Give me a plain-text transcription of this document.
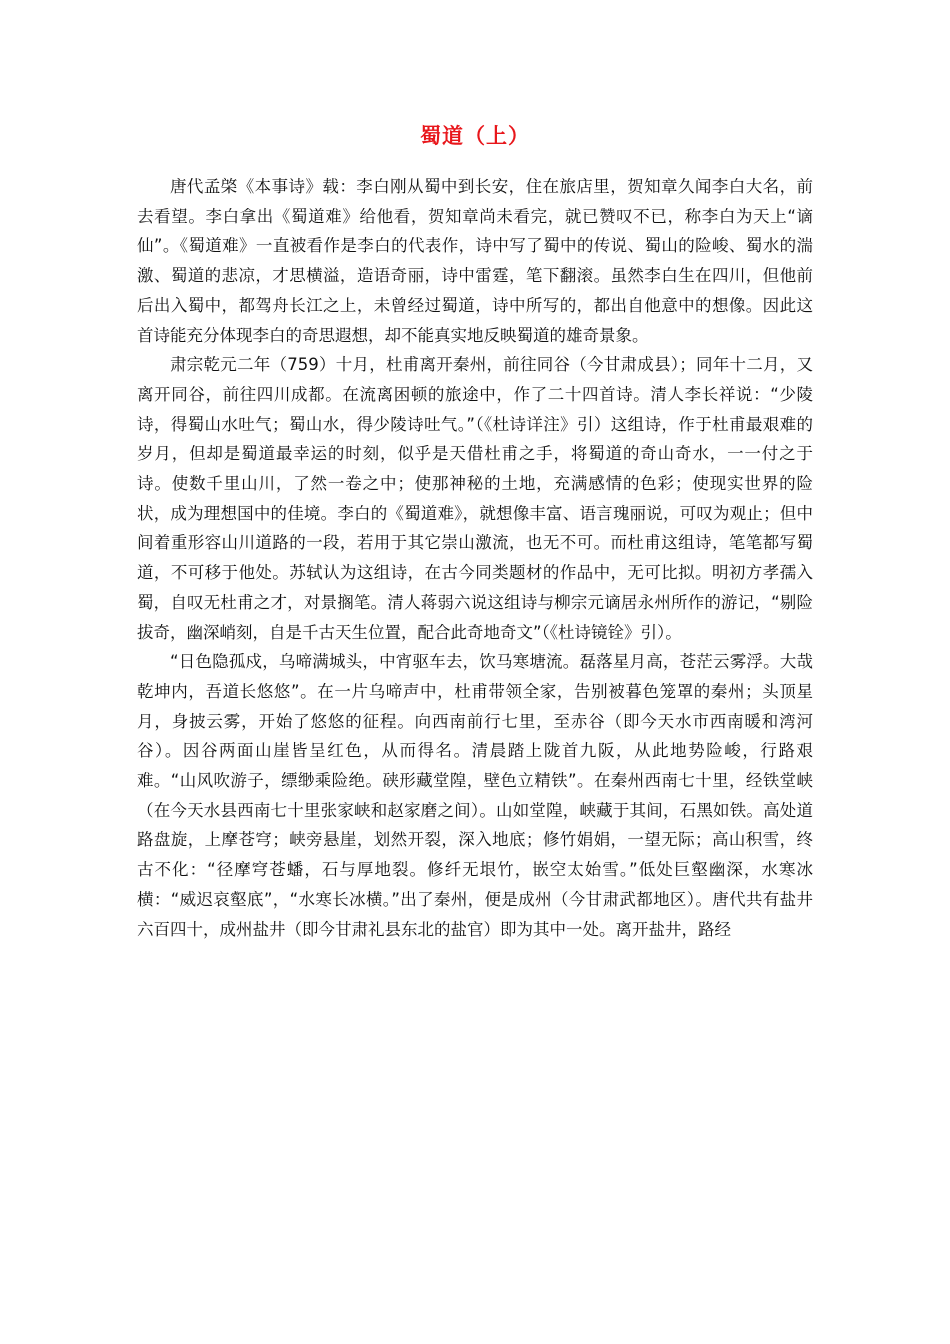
蜀道（上）

唐代孟棨《本事诗》载：李白刚从蜀中到长安，住在旅店里，贺知章久闻李白大名，前去看望。李白拿出《蜀道难》给他看，贺知章尚未看完，就已赞叹不已，称李白为天上“谪仙”。《蜀道难》一直被看作是李白的代表作，诗中写了蜀中的传说、蜀山的险峻、蜀水的湍激、蜀道的悲凉，才思横溢，造语奇丽，诗中雷霆，笔下翻滚。虽然李白生在四川，但他前后出入蜀中，都驾舟长江之上，未曾经过蜀道，诗中所写的，都出自他意中的想像。因此这首诗能充分体现李白的奇思遐想，却不能真实地反映蜀道的雄奇景象。

肃宗乾元二年（759）十月，杜甫离开秦州，前往同谷（今甘肃成县）；同年十二月，又离开同谷，前往四川成都。在流离困顿的旅途中，作了二十四首诗。清人李长祥说：“少陵诗，得蜀山水吐气；蜀山水，得少陵诗吐气。”（《杜诗详注》引）这组诗，作于杜甫最艰难的岁月，但却是蜀道最幸运的时刻，似乎是天借杜甫之手，将蜀道的奇山奇水，一一付之于诗。使数千里山川，了然一卷之中；使那神秘的土地，充满感情的色彩；使现实世界的险状，成为理想国中的佳境。李白的《蜀道难》，就想像丰富、语言瑰丽说，可叹为观止；但中间着重形容山川道路的一段，若用于其它崇山激流，也无不可。而杜甫这组诗，笔笔都写蜀道，不可移于他处。苏轼认为这组诗，在古今同类题材的作品中，无可比拟。明初方孝孺入蜀，自叹无杜甫之才，对景搁笔。清人蒋弱六说这组诗与柳宗元谪居永州所作的游记，“剔险拔奇，幽深峭刻，自是千古天生位置，配合此奇地奇文”（《杜诗镜铨》引）。

“日色隐孤戍，乌啼满城头，中宵驱车去，饮马寒塘流。磊落星月高，苍茫云雾浮。大哉乾坤内，吾道长悠悠”。在一片乌啼声中，杜甫带领全家，告别被暮色笼罩的秦州；头顶星月，身披云雾，开始了悠悠的征程。向西南前行七里，至赤谷（即今天水市西南暖和湾河谷）。因谷两面山崖皆呈红色，从而得名。清晨踏上陇首九阪，从此地势险峻，行路艰难。“山风吹游子，缥缈乘险绝。硖形藏堂隍，壁色立精铁”。在秦州西南七十里，经铁堂峡（在今天水县西南七十里张家峡和赵家磨之间）。山如堂隍，峡藏于其间，石黑如铁。高处道路盘旋，上摩苍穹；峡旁悬崖，划然开裂，深入地底；修竹娟娟，一望无际；高山积雪，终古不化：“径摩穹苍蟠，石与厚地裂。修纤无垠竹，嵌空太始雪。”低处巨壑幽深，水寒冰横：“威迟哀壑底”，“水寒长冰横。”出了秦州，便是成州（今甘肃武都地区）。唐代共有盐井六百四十，成州盐井（即今甘肃礼县东北的盐官）即为其中一处。离开盐井，路经
